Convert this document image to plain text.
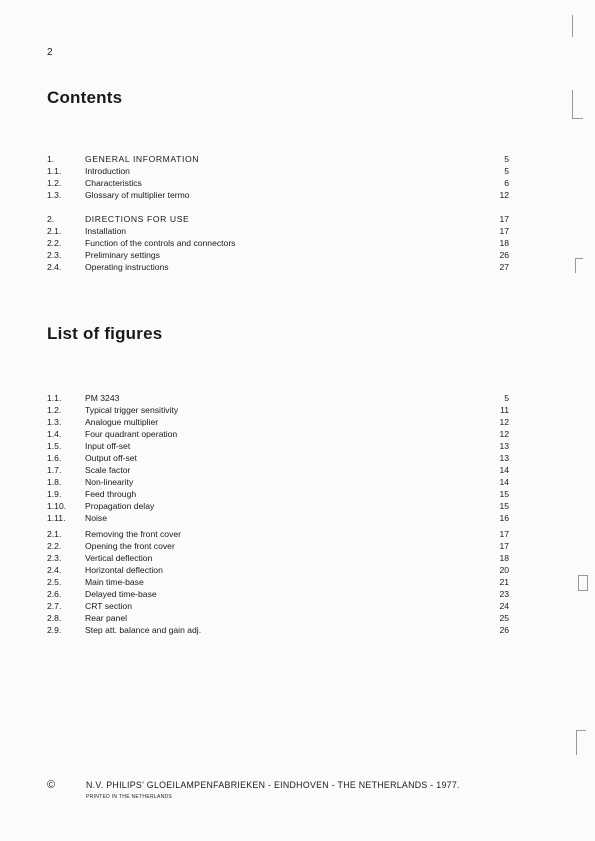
2
Contents
1.	GENERAL INFORMATION	5
1.1.	Introduction	5
1.2.	Characteristics	6
1.3.	Glossary of multiplier termo	12
2.	DIRECTIONS FOR USE	17
2.1.	Installation	17
2.2.	Function of the controls and connectors	18
2.3.	Preliminary settings	26
2.4.	Operating instructions	27
List of figures
1.1.	PM 3243	5
1.2.	Typical trigger sensitivity	11
1.3.	Analogue multiplier	12
1.4.	Four quadrant operation	12
1.5.	Input off-set	13
1.6.	Output off-set	13
1.7.	Scale factor	14
1.8.	Non-linearity	14
1.9.	Feed through	15
1.10. Propagation delay	15
1.11. Noise	16
2.1.	Removing the front cover	17
2.2.	Opening the front cover	17
2.3.	Vertical deflection	18
2.4.	Horizontal deflection	20
2.5.	Main time-base	21
2.6.	Delayed time-base	23
2.7.	CRT section	24
2.8.	Rear panel	25
2.9.	Step att. balance and gain adj.	26
©	N.V. PHILIPS' GLOEILAMPENFABRIEKEN - EINDHOVEN - THE NETHERLANDS - 1977.
PRINTED IN THE NETHERLANDS
